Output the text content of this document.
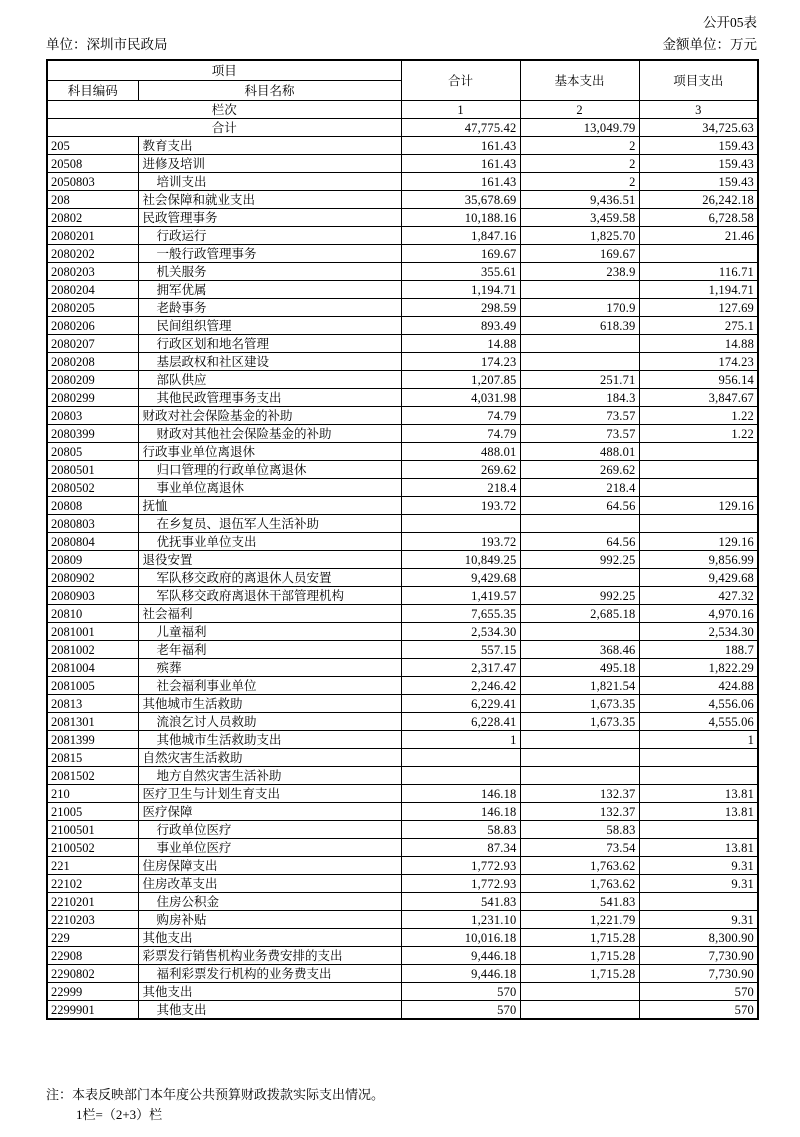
公开05表
单位：深圳市民政局	金额单位：万元
项目		合计	基本支出	项目支出
科目编码	科目名称			
栏次		1	2	3
合计		47,775.42	13,049.79	34,725.63
205	教育支出	161.43	2	159.43
20508	进修及培训	161.43	2	159.43
2050803	培训支出	161.43	2	159.43
208	社会保障和就业支出	35,678.69	9,436.51	26,242.18
20802	民政管理事务	10,188.16	3,459.58	6,728.58
2080201	行政运行	1,847.16	1,825.70	21.46
2080202	一般行政管理事务	169.67	169.67	
2080203	机关服务	355.61	238.9	116.71
2080204	拥军优属	1,194.71		1,194.71
2080205	老龄事务	298.59	170.9	127.69
2080206	民间组织管理	893.49	618.39	275.1
2080207	行政区划和地名管理	14.88		14.88
2080208	基层政权和社区建设	174.23		174.23
2080209	部队供应	1,207.85	251.71	956.14
2080299	其他民政管理事务支出	4,031.98	184.3	3,847.67
20803	财政对社会保险基金的补助	74.79	73.57	1.22
2080399	财政对其他社会保险基金的补助	74.79	73.57	1.22
20805	行政事业单位离退休	488.01	488.01	
2080501	归口管理的行政单位离退休	269.62	269.62	
2080502	事业单位离退休	218.4	218.4	
20808	抚恤	193.72	64.56	129.16
2080803	在乡复员、退伍军人生活补助			
2080804	优抚事业单位支出	193.72	64.56	129.16
20809	退役安置	10,849.25	992.25	9,856.99
2080902	军队移交政府的离退休人员安置	9,429.68		9,429.68
2080903	军队移交政府离退休干部管理机构	1,419.57	992.25	427.32
20810	社会福利	7,655.35	2,685.18	4,970.16
2081001	儿童福利	2,534.30		2,534.30
2081002	老年福利	557.15	368.46	188.7
2081004	殡葬	2,317.47	495.18	1,822.29
2081005	社会福利事业单位	2,246.42	1,821.54	424.88
20813	其他城市生活救助	6,229.41	1,673.35	4,556.06
2081301	流浪乞讨人员救助	6,228.41	1,673.35	4,555.06
2081399	其他城市生活救助支出	1		1
20815	自然灾害生活救助			
2081502	地方自然灾害生活补助			
210	医疗卫生与计划生育支出	146.18	132.37	13.81
21005	医疗保障	146.18	132.37	13.81
2100501	行政单位医疗	58.83	58.83	
2100502	事业单位医疗	87.34	73.54	13.81
221	住房保障支出	1,772.93	1,763.62	9.31
22102	住房改革支出	1,772.93	1,763.62	9.31
2210201	住房公积金	541.83	541.83	
2210203	购房补贴	1,231.10	1,221.79	9.31
229	其他支出	10,016.18	1,715.28	8,300.90
22908	彩票发行销售机构业务费安排的支出	9,446.18	1,715.28	7,730.90
2290802	福利彩票发行机构的业务费支出	9,446.18	1,715.28	7,730.90
22999	其他支出	570		570
2299901	其他支出	570		570
注：本表反映部门本年度公共预算财政拨款实际支出情况。
1栏=（2+3）栏
